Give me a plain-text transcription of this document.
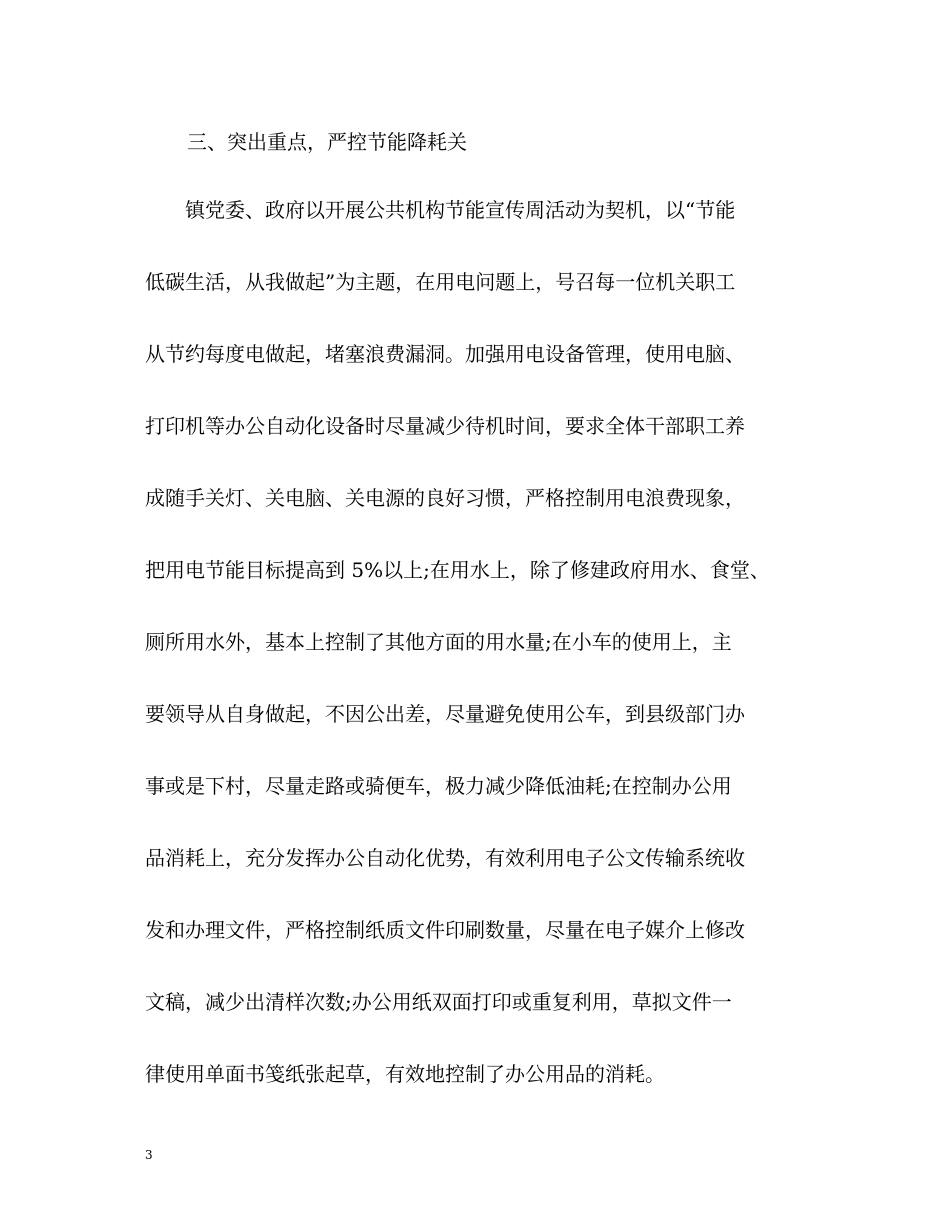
三、突出重点，严控节能降耗关
　　镇党委、政府以开展公共机构节能宣传周活动为契机，以“节能
低碳生活，从我做起”为主题，在用电问题上，号召每一位机关职工
从节约每度电做起，堵塞浪费漏洞。加强用电设备管理，使用电脑、
打印机等办公自动化设备时尽量减少待机时间，要求全体干部职工养
成随手关灯、关电脑、关电源的良好习惯，严格控制用电浪费现象，
把用电节能目标提高到 5%以上;在用水上，除了修建政府用水、食堂、
厕所用水外，基本上控制了其他方面的用水量;在小车的使用上，主
要领导从自身做起，不因公出差，尽量避免使用公车，到县级部门办
事或是下村，尽量走路或骑便车，极力减少降低油耗;在控制办公用
品消耗上，充分发挥办公自动化优势，有效利用电子公文传输系统收
发和办理文件，严格控制纸质文件印刷数量，尽量在电子媒介上修改
文稿，减少出清样次数;办公用纸双面打印或重复利用，草拟文件一
律使用单面书笺纸张起草，有效地控制了办公用品的消耗。
3
